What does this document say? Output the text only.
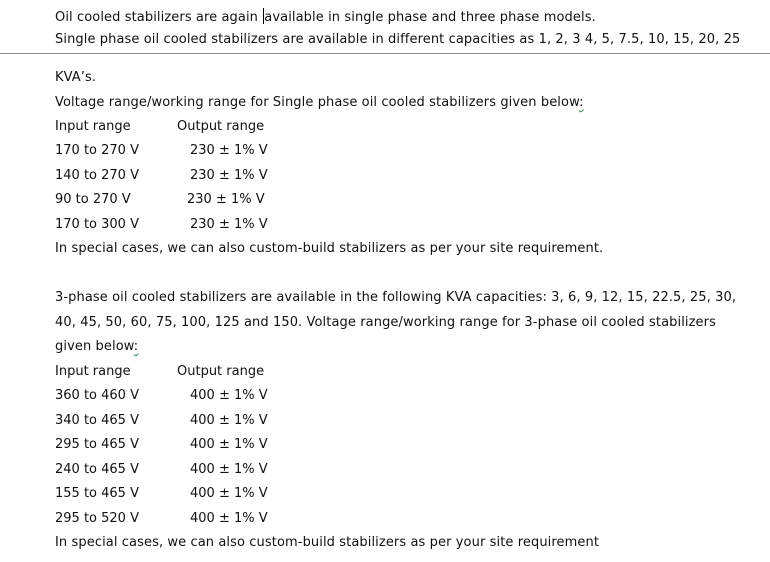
Oil cooled stabilizers are again available in single phase and three phase models.
Single phase oil cooled stabilizers are available in different capacities as 1, 2, 3 4, 5, 7.5, 10, 15, 20, 25
KVA’s.
Voltage range/working range for Single phase oil cooled stabilizers given below:
Input range	Output range
170 to 270 V	230 ± 1% V
140 to 270 V	230 ± 1% V
90 to 270 V	230 ± 1% V
170 to 300 V	230 ± 1% V
In special cases, we can also custom-build stabilizers as per your site requirement.
3-phase oil cooled stabilizers are available in the following KVA capacities: 3, 6, 9, 12, 15, 22.5, 25, 30,
40, 45, 50, 60, 75, 100, 125 and 150. Voltage range/working range for 3-phase oil cooled stabilizers
given below:
Input range	Output range
360 to 460 V	400 ± 1% V
340 to 465 V	400 ± 1% V
295 to 465 V	400 ± 1% V
240 to 465 V	400 ± 1% V
155 to 465 V	400 ± 1% V
295 to 520 V	400 ± 1% V
In special cases, we can also custom-build stabilizers as per your site requirement
